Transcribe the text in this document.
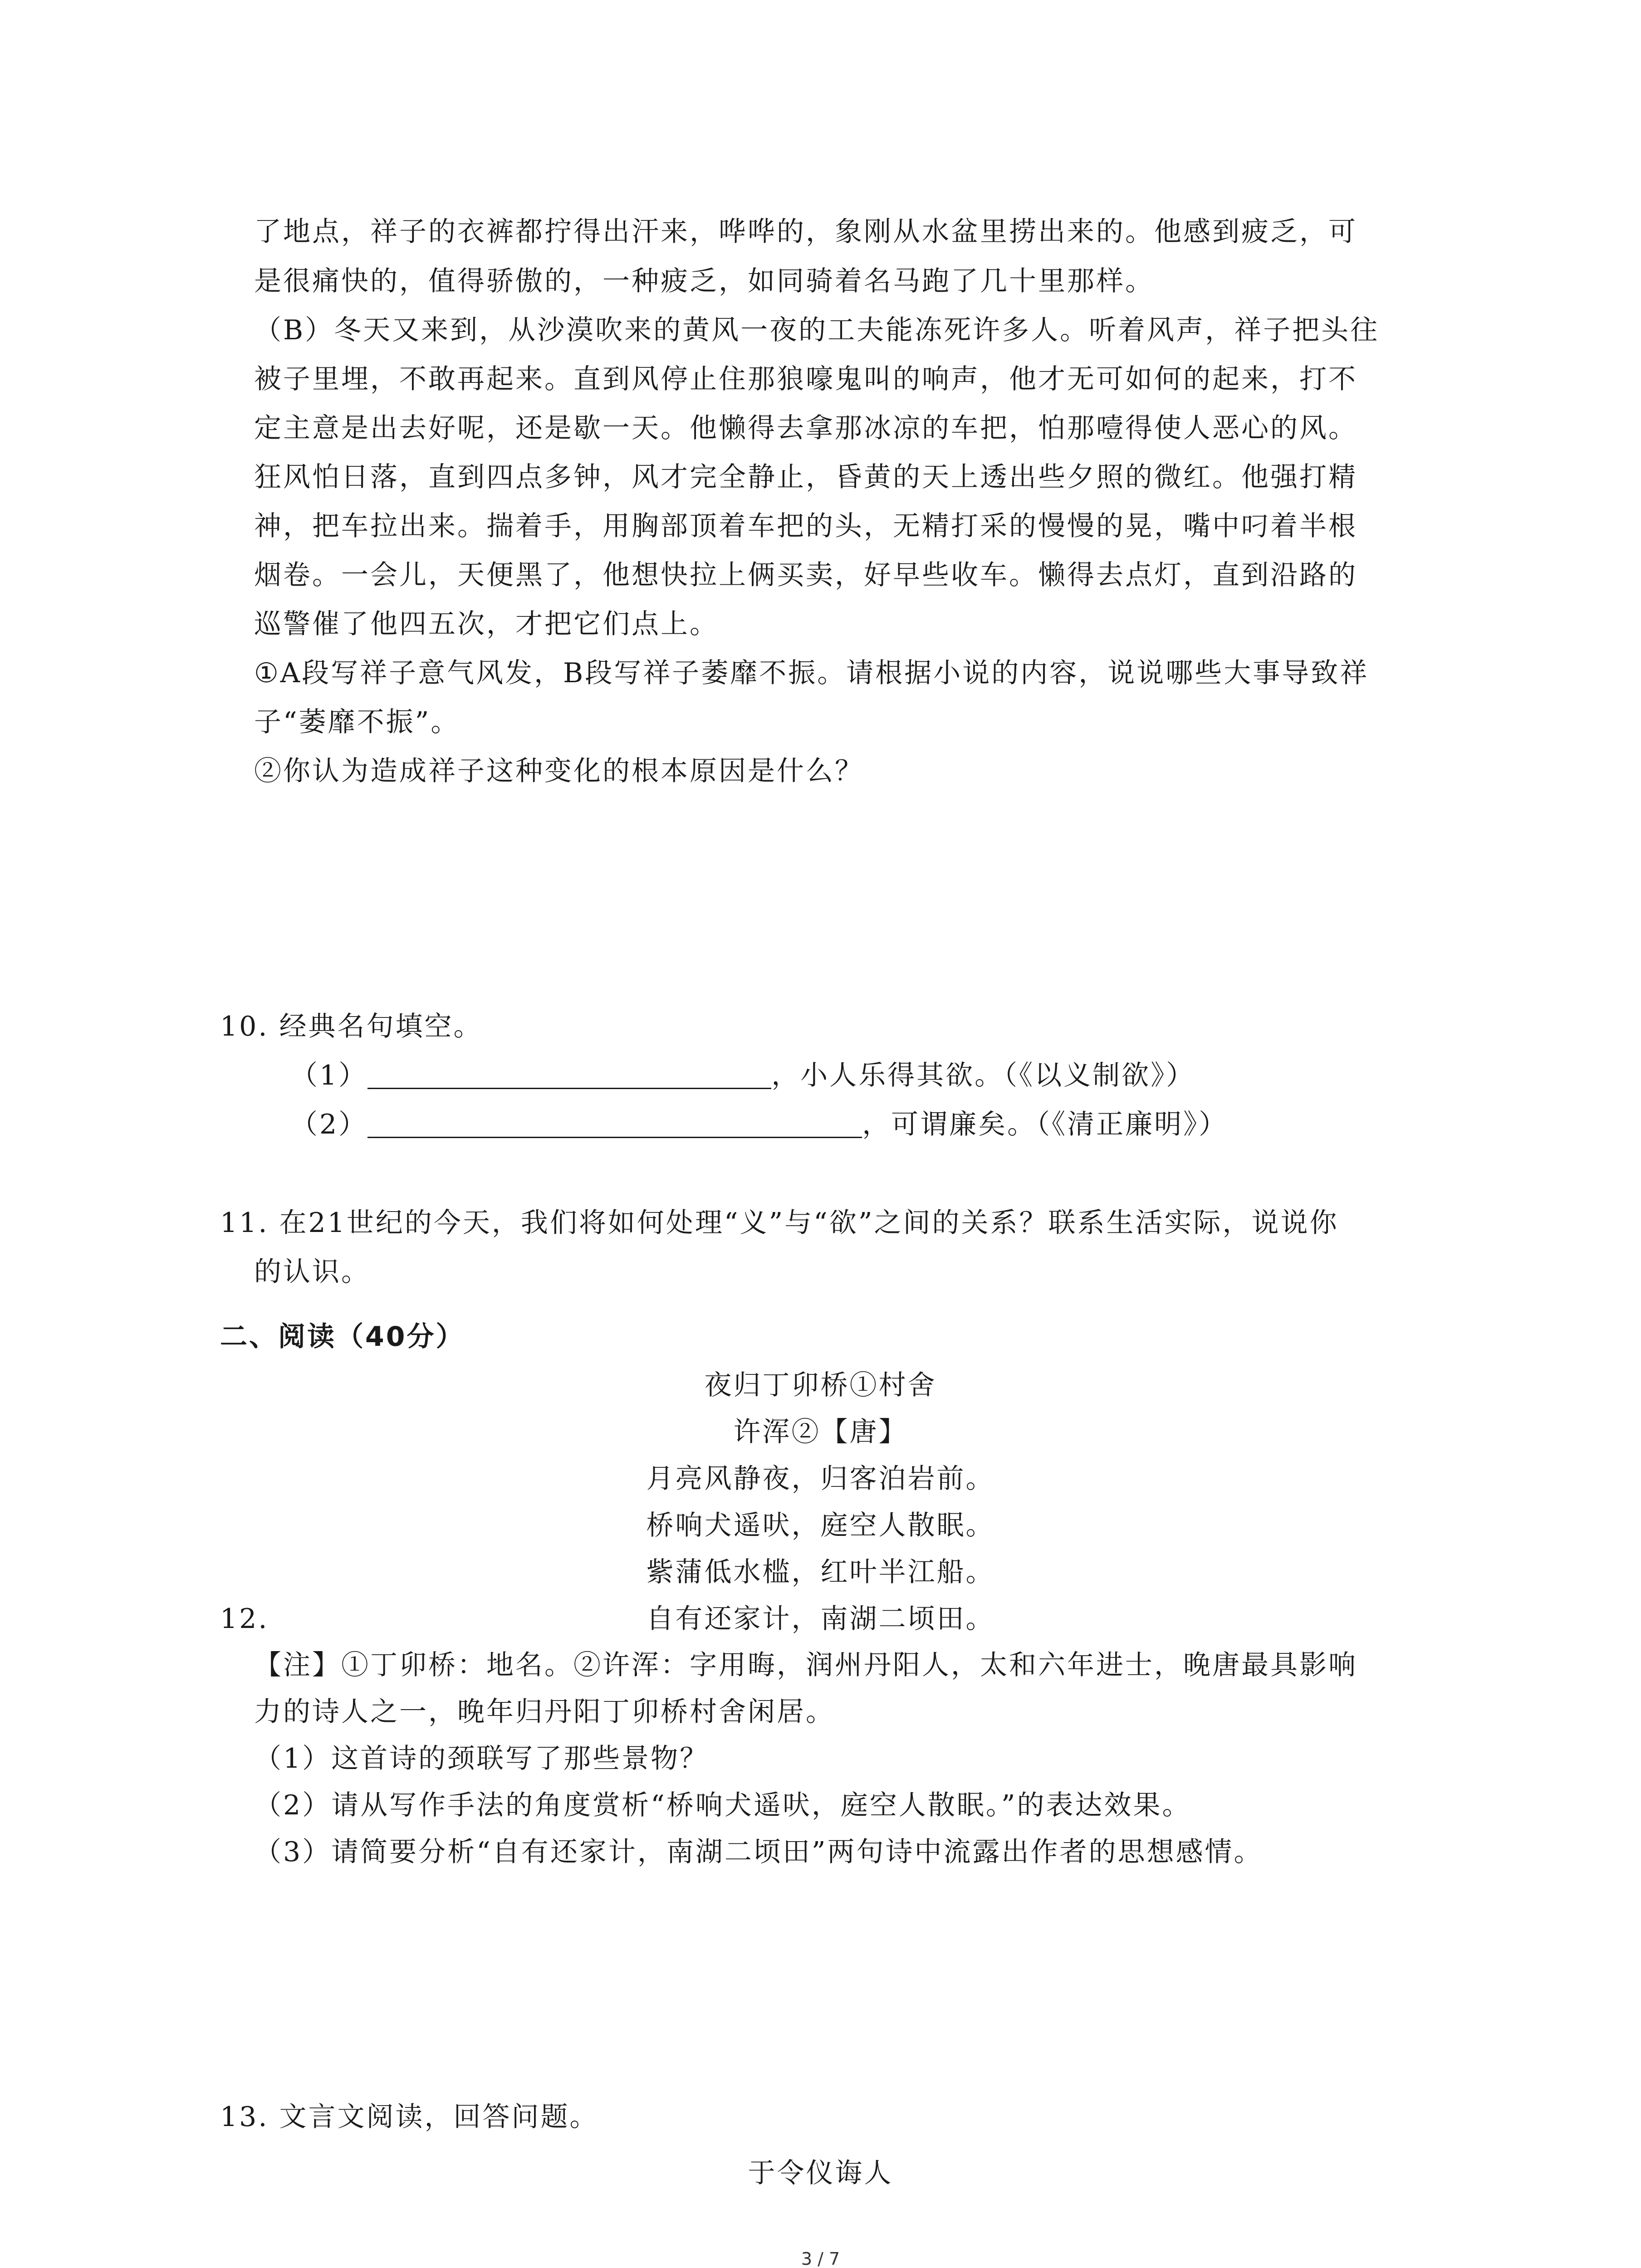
了地点，祥子的衣裤都拧得出汗来，哗哗的，象刚从水盆里捞出来的。他感到疲乏，可
是很痛快的，值得骄傲的，一种疲乏，如同骑着名马跑了几十里那样。
（B）冬天又来到，从沙漠吹来的黄风一夜的工夫能冻死许多人。听着风声，祥子把头往
被子里埋，不敢再起来。直到风停止住那狼嚎鬼叫的响声，他才无可如何的起来，打不
定主意是出去好呢，还是歇一天。他懒得去拿那冰凉的车把，怕那噎得使人恶心的风。
狂风怕日落，直到四点多钟，风才完全静止，昏黄的天上透出些夕照的微红。他强打精
神，把车拉出来。揣着手，用胸部顶着车把的头，无精打采的慢慢的晃，嘴中叼着半根
烟卷。一会儿，天便黑了，他想快拉上俩买卖，好早些收车。懒得去点灯，直到沿路的
巡警催了他四五次，才把它们点上。
①A段写祥子意气风发，B段写祥子萎靡不振。请根据小说的内容，说说哪些大事导致祥
子“萎靡不振”。
②你认为造成祥子这种变化的根本原因是什么？
10. 经典名句填空。
（1）	，小人乐得其欲。（《以义制欲》）
（2）	，可谓廉矣。（《清正廉明》）
11. 在21世纪的今天，我们将如何处理“义”与“欲”之间的关系？联系生活实际，说说你
的认识。
二、阅读（40分）
夜归丁卯桥①村舍
许浑②【唐】
月亮风静夜，归客泊岩前。
桥响犬遥吠，庭空人散眠。
紫蒲低水槛，红叶半江船。
12.	自有还家计，南湖二顷田。
【注】①丁卯桥：地名。②许浑：字用晦，润州丹阳人，太和六年进士，晚唐最具影响
力的诗人之一，晚年归丹阳丁卯桥村舍闲居。
（1）这首诗的颈联写了那些景物？
（2）请从写作手法的角度赏析“桥响犬遥吠，庭空人散眠。”的表达效果。
（3）请简要分析“自有还家计，南湖二顷田”两句诗中流露出作者的思想感情。
13. 文言文阅读，回答问题。
于令仪诲人
3 / 7
